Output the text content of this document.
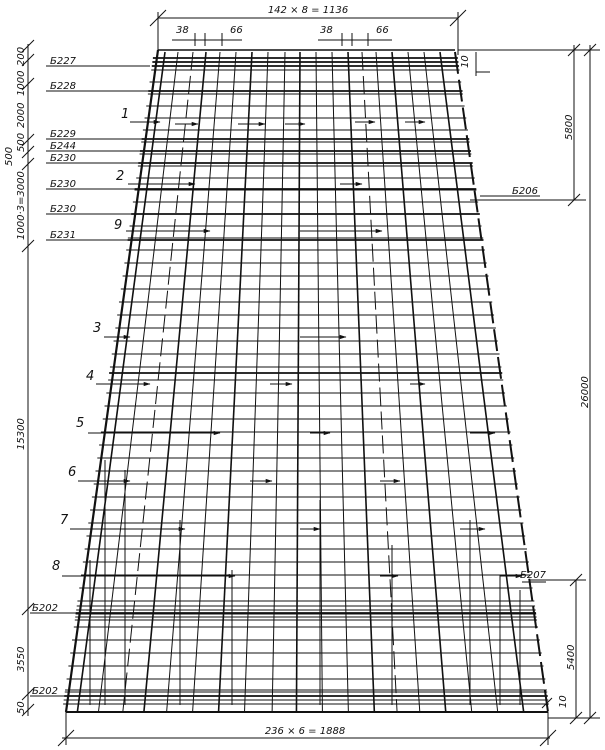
142 × 8 = 1136
38	66	38	66
236 × 6 = 1888
10
5800
26000
5400
10
200
1000
2000
500
500
1000·3=3000
15300
3550
50
Б227
Б228
Б229
Б244
Б230
Б230
Б230
Б231
Б202
Б202
Б206
Б207
1
2
9
3
4
5
6
7
8
